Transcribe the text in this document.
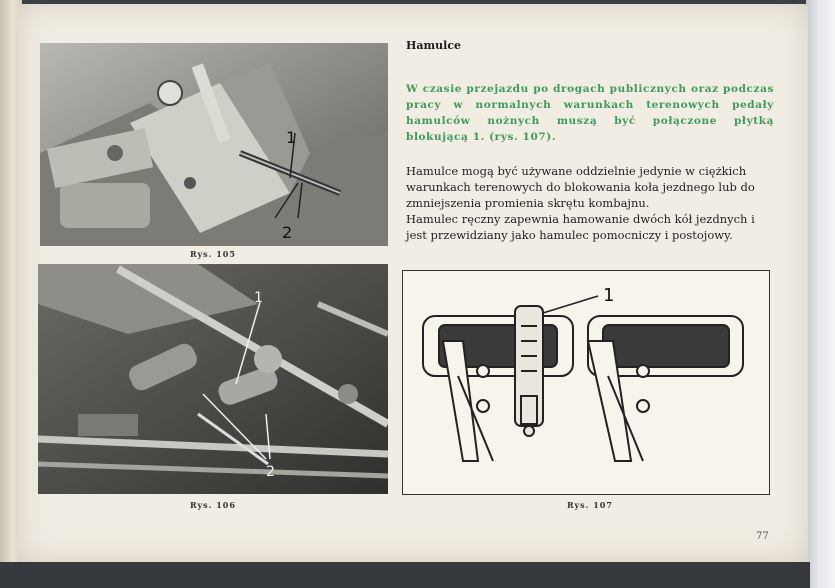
1
2
Rys. 105
1
2
Rys. 106
Hamulce
W czasie przejazdu po drogach publicznych oraz podczas pracy w normalnych warunkach terenowych pedały hamulców nożnych muszą być połączone płytką blokującą 1. (rys. 107).

Hamulce mogą być używane oddzielnie jedynie w ciężkich warunkach terenowych do blokowania koła jezdnego lub do zmniejszenia promienia skrętu kombajnu.

Hamulec ręczny zapewnia hamowanie dwóch kół jezdnych i jest przewidziany jako hamulec pomocniczy i postojowy.

1
Rys. 107
77
